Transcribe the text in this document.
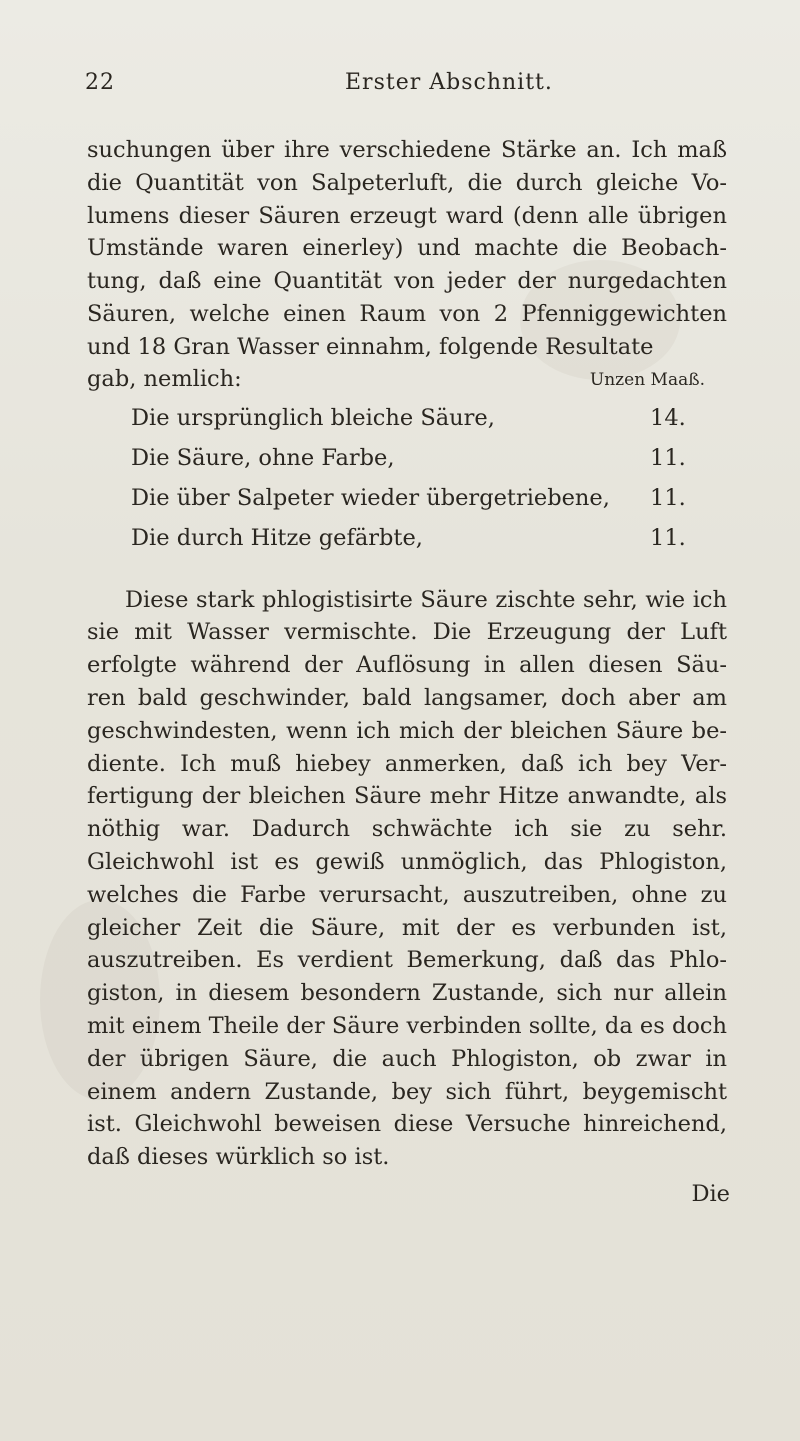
22	Erster Abschnitt.

suchungen über ihre verschiedene Stärke an. Ich maß die Quantität von Salpeterluft, die durch gleiche Vo- lumens dieser Säuren erzeugt ward (denn alle übrigen Umstände waren einerley) und machte die Beobach- tung, daß eine Quantität von jeder der nurgedachten Säuren, welche einen Raum von 2 Pfenniggewichten und 18 Gran Wasser einnahm, folgende Resultate

gab, nemlich:	Unzen Maaß.
Die ursprünglich bleiche Säure,	14.
Die Säure, ohne Farbe,	11.
Die über Salpeter wieder übergetriebene, 11.
Die durch Hitze gefärbte,	11.

Diese stark phlogistisirte Säure zischte sehr, wie ich sie mit Wasser vermischte. Die Erzeugung der Luft erfolgte während der Auflösung in allen diesen Säu- ren bald geschwinder, bald langsamer, doch aber am geschwindesten, wenn ich mich der bleichen Säure be- diente. Ich muß hiebey anmerken, daß ich bey Ver- fertigung der bleichen Säure mehr Hitze anwandte, als nöthig war. Dadurch schwächte ich sie zu sehr. Gleichwohl ist es gewiß unmöglich, das Phlogiston, welches die Farbe verursacht, auszutreiben, ohne zu gleicher Zeit die Säure, mit der es verbunden ist, auszutreiben. Es verdient Bemerkung, daß das Phlo- giston, in diesem besondern Zustande, sich nur allein mit einem Theile der Säure verbinden sollte, da es doch der übrigen Säure, die auch Phlogiston, ob zwar in einem andern Zustande, bey sich führt, beygemischt ist. Gleichwohl beweisen diese Versuche hinreichend, daß dieses würklich so ist.

Die
